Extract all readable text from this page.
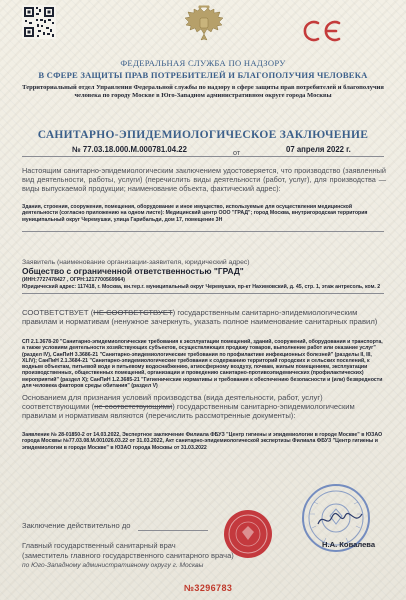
ФЕДЕРАЛЬНАЯ СЛУЖБА ПО НАДЗОРУ
В СФЕРЕ ЗАЩИТЫ ПРАВ ПОТРЕБИТЕЛЕЙ И БЛАГОПОЛУЧИЯ ЧЕЛОВЕКА
Территориальный отдел Управления Федеральной службы по надзору в сфере защиты прав потребителей и благополучия человека по городу Москве в Юго-Западном административном округе города Москвы
САНИТАРНО-ЭПИДЕМИОЛОГИЧЕСКОЕ ЗАКЛЮЧЕНИЕ
№ 77.03.18.000.М.000781.04.22	от	07 апреля 2022 г.
Настоящим санитарно-эпидемиологическим заключением удостоверяется, что производство (заявленный вид деятельности, работы, услуги) (перечислить виды деятельности (работ, услуг), для производства — виды выпускаемой продукции; наименование объекта, фактический адрес):
Здания, строения, сооружения, помещения, оборудование и иное имущество, используемые для осуществления медицинской деятельности (согласно приложению на одном листе): Медицинский центр ООО "ГРАД"; город Москва, внутригородская территория муниципальный округ Черемушки, улица Гарибальди, дом 17, помещение 3Н
Заявитель (наименование организации-заявителя, юридический адрес)
Общество с ограниченной ответственностью "ГРАД"
(ИНН:7727478427 , ОГРН:1217700569964)
Юридический адрес: 117418, г. Москва, вн.тер.г. муниципальный округ Черемушки, пр-кт Нахимовский, д. 45, стр. 1, этаж антресоль, ком. 2
СООТВЕТСТВУЕТ (НЕ СООТВЕТСТВУЕТ) государственным санитарно-эпидемиологическим правилам и нормативам (ненужное зачеркнуть, указать полное наименование санитарных правил)
СП 2.1.3678-20 "Санитарно-эпидемиологические требования к эксплуатации помещений, зданий, сооружений, оборудования и транспорта, а также условиям деятельности хозяйствующих субъектов, осуществляющих продажу товаров, выполнение работ или оказание услуг" (раздел IV), СанПиН 3.3686-21 "Санитарно-эпидемиологические требования по профилактике инфекционных болезней" (разделы II, III, XLIV); СанПиН 2.1.3684-21 "Санитарно-эпидемиологические требования к содержанию территорий городских и сельских поселений, к водным объектам, питьевой воде и питьевому водоснабжению, атмосферному воздуху, почвам, жилым помещениям, эксплуатации производственных, общественных помещений, организации и проведению санитарно-противоэпидемических (профилактических) мероприятий" (раздел X); СанПиН 1.2.3685-21 "Гигиенические нормативы и требования к обеспечению безопасности и (или) безвредности для человека факторов среды обитания" (раздел V)
Основанием для признания условий производства (вида деятельности, работ, услуг) соответствующими (не соответствующими) государственным санитарно-эпидемиологическим правилам и нормативам являются (перечислить рассмотренные документы):
Заявление № 28-01850-2 от 14.03.2022, Экспертное заключение Филиала ФБУЗ "Центр гигиены и эпидемиологии в городе Москве" в ЮЗАО города Москвы №77.03.08.М.001026.03.22 от 31.03.2022, Акт санитарно-эпидемиологической экспертизы Филиала ФБУЗ "Центр гигиены и эпидемиологии в городе Москве" в ЮЗАО города Москвы от 31.03.2022
Заключение действительно до
Главный государственный санитарный врач
(заместитель главного государственного санитарного врача)
по Юго-Западному административному округу г. Москвы
Н.А. Ковалева
№3296783
